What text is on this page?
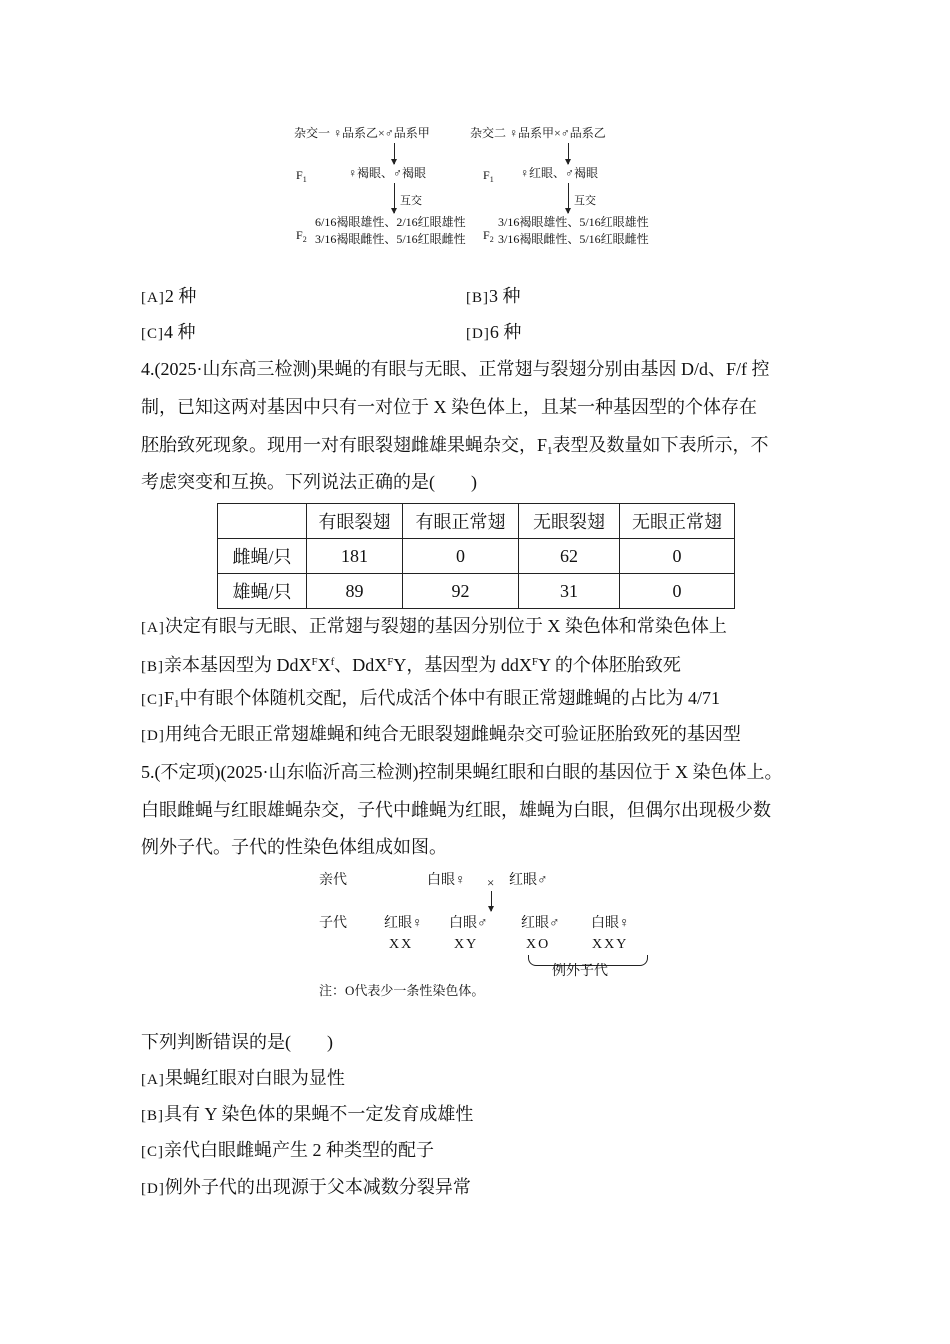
杂交一 ♀品系乙×♂品系甲	杂交二 ♀品系甲×♂品系乙
$F_1$	♀褐眼、♂褐眼	$F_1$ ♀红眼、♂褐眼
互交	互交
$F_2$
6/16褐眼雄性、2/16红眼雄性
3/16褐眼雌性、5/16红眼雌性 $F_2$
3/16褐眼雄性、5/16红眼雄性
3/16褐眼雌性、5/16红眼雌性
[A]2 种	[B]3 种
[C]4 种	[D]6 种
4.(2025·山东高三检测)果蝇的有眼与无眼、正常翅与裂翅分别由基因 D/d、F/f 控
制，已知这两对基因中只有一对位于 X 染色体上，且某一种基因型的个体存在
胚胎致死现象。现用一对有眼裂翅雌雄果蝇杂交，$F_1$表型及数量如下表所示，不
考虑突变和互换。下列说法正确的是(　　)
	有眼裂翅	有眼正常翅	无眼裂翅	无眼正常翅
雌蝇/只	181	0	62	0
雄蝇/只	89	92	31	0
[A]决定有眼与无眼、正常翅与裂翅的基因分别位于 X 染色体和常染色体上
[B]亲本基因型为 $DdX^FX^f$、DdX$^F$Y，基因型为 ddX$^F$Y 的个体胚胎致死
$[C]F_1$中有眼个体随机交配，后代成活个体中有眼正常翅雌蝇的占比为 4/71
[D]用纯合无眼正常翅雄蝇和纯合无眼裂翅雌蝇杂交可验证胚胎致死的基因型
5.(不定项)(2025·山东临沂高三检测)控制果蝇红眼和白眼的基因位于 X 染色体上。
白眼雌蝇与红眼雄蝇杂交，子代中雌蝇为红眼，雄蝇为白眼，但偶尔出现极少数
例外子代。子代的性染色体组成如图。
亲代	白眼♀ × 红眼♂
子代	红眼♀
XX
白眼♂
XY
红眼♂
XO
白眼♀
XXY
例外子代
注：O代表少一条性染色体。
下列判断错误的是(　　)
[A]果蝇红眼对白眼为显性
[B]具有 Y 染色体的果蝇不一定发育成雄性
[C]亲代白眼雌蝇产生 2 种类型的配子
[D]例外子代的出现源于父本减数分裂异常
